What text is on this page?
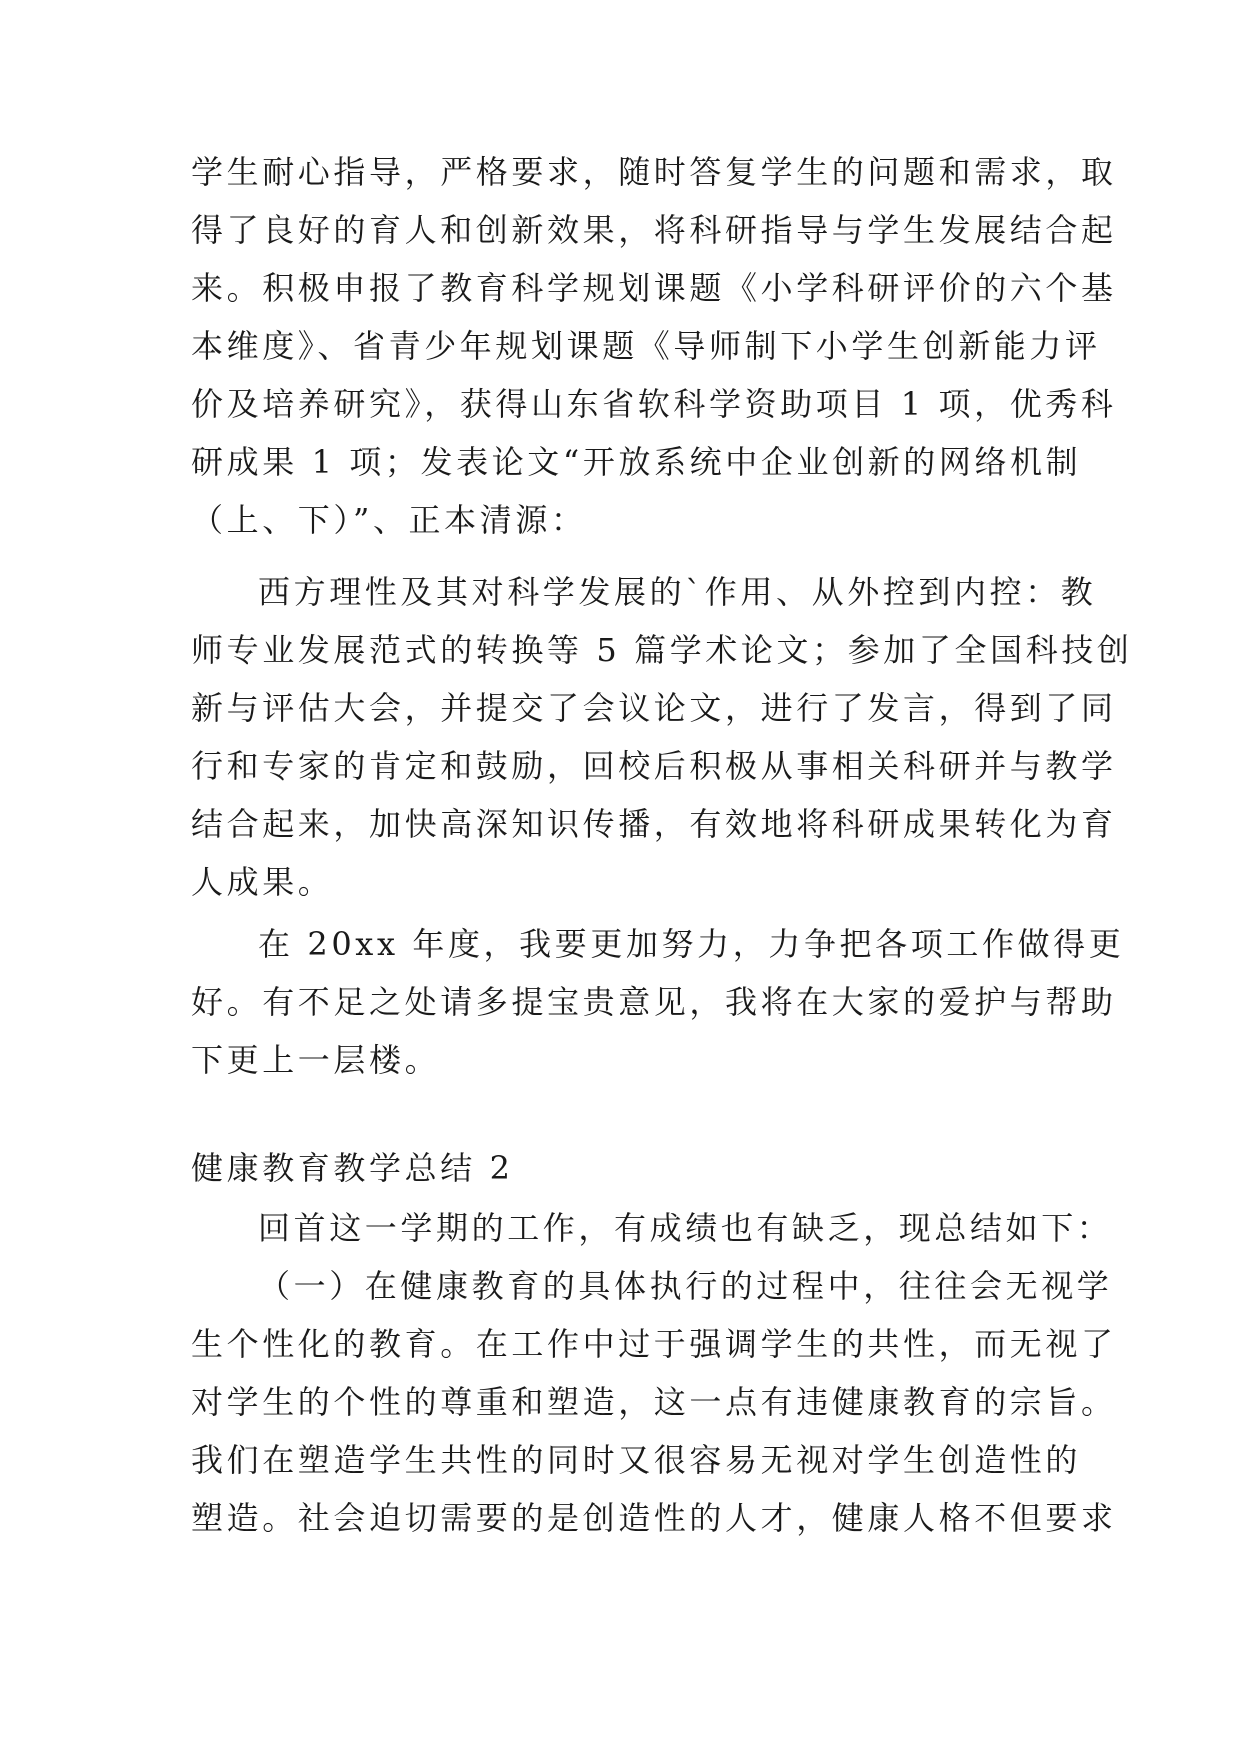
学生耐心指导，严格要求，随时答复学生的问题和需求，取
得了良好的育人和创新效果，将科研指导与学生发展结合起
来。积极申报了教育科学规划课题《小学科研评价的六个基
本维度》、省青少年规划课题《导师制下小学生创新能力评
价及培养研究》，获得山东省软科学资助项目 1 项，优秀科
研成果 1 项；发表论文“开放系统中企业创新的网络机制
（上、下）”、正本清源：
西方理性及其对科学发展的`作用、从外控到内控：教
师专业发展范式的转换等 5 篇学术论文；参加了全国科技创
新与评估大会，并提交了会议论文，进行了发言，得到了同
行和专家的肯定和鼓励，回校后积极从事相关科研并与教学
结合起来，加快高深知识传播，有效地将科研成果转化为育
人成果。
在 20xx 年度，我要更加努力，力争把各项工作做得更
好。有不足之处请多提宝贵意见，我将在大家的爱护与帮助
下更上一层楼。
健康教育教学总结 2
回首这一学期的工作，有成绩也有缺乏，现总结如下：
（一）在健康教育的具体执行的过程中，往往会无视学
生个性化的教育。在工作中过于强调学生的共性，而无视了
对学生的个性的尊重和塑造，这一点有违健康教育的宗旨。
我们在塑造学生共性的同时又很容易无视对学生创造性的
塑造。社会迫切需要的是创造性的人才，健康人格不但要求
